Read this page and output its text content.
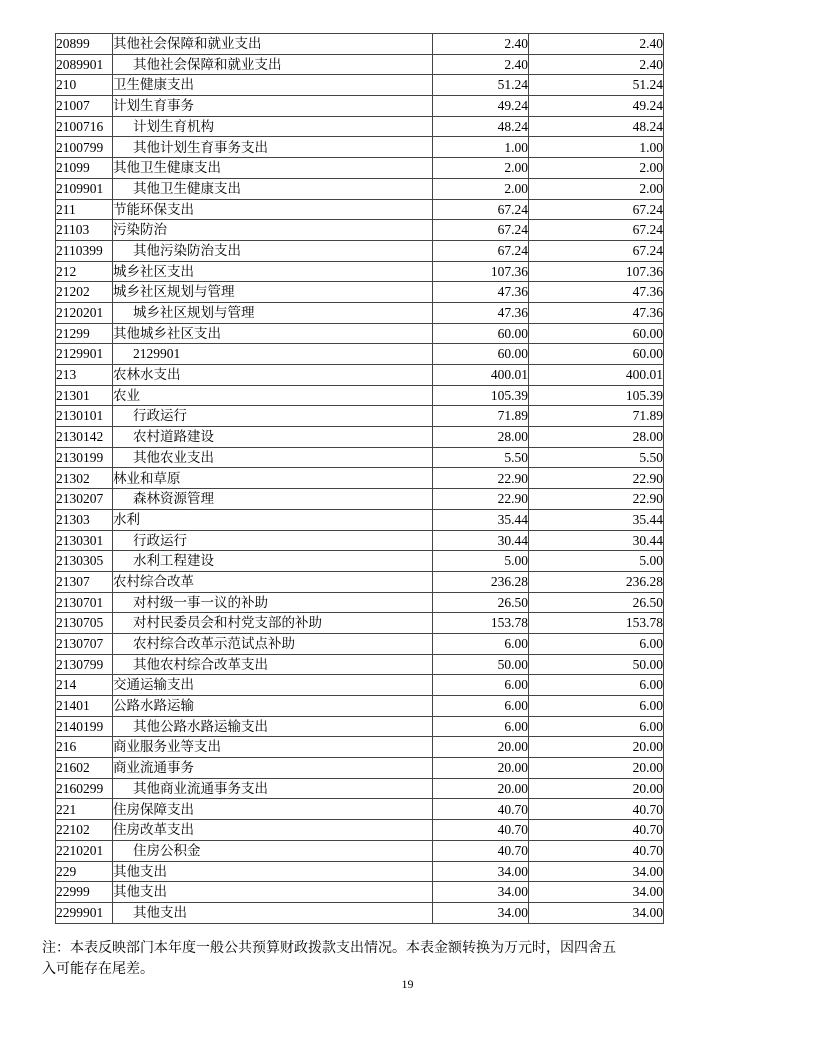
20899	其他社会保障和就业支出	2.40	2.40
2089901	其他社会保障和就业支出	2.40	2.40
210	卫生健康支出	51.24	51.24
21007	计划生育事务	49.24	49.24
2100716	计划生育机构	48.24	48.24
2100799	其他计划生育事务支出	1.00	1.00
21099	其他卫生健康支出	2.00	2.00
2109901	其他卫生健康支出	2.00	2.00
211	节能环保支出	67.24	67.24
21103	污染防治	67.24	67.24
2110399	其他污染防治支出	67.24	67.24
212	城乡社区支出	107.36	107.36
21202	城乡社区规划与管理	47.36	47.36
2120201	城乡社区规划与管理	47.36	47.36
21299	其他城乡社区支出	60.00	60.00
2129901	2129901	60.00	60.00
213	农林水支出	400.01	400.01
21301	农业	105.39	105.39
2130101	行政运行	71.89	71.89
2130142	农村道路建设	28.00	28.00
2130199	其他农业支出	5.50	5.50
21302	林业和草原	22.90	22.90
2130207	森林资源管理	22.90	22.90
21303	水利	35.44	35.44
2130301	行政运行	30.44	30.44
2130305	水利工程建设	5.00	5.00
21307	农村综合改革	236.28	236.28
2130701	对村级一事一议的补助	26.50	26.50
2130705	对村民委员会和村党支部的补助	153.78	153.78
2130707	农村综合改革示范试点补助	6.00	6.00
2130799	其他农村综合改革支出	50.00	50.00
214	交通运输支出	6.00	6.00
21401	公路水路运输	6.00	6.00
2140199	其他公路水路运输支出	6.00	6.00
216	商业服务业等支出	20.00	20.00
21602	商业流通事务	20.00	20.00
2160299	其他商业流通事务支出	20.00	20.00
221	住房保障支出	40.70	40.70
22102	住房改革支出	40.70	40.70
2210201	住房公积金	40.70	40.70
229	其他支出	34.00	34.00
22999	其他支出	34.00	34.00
2299901	其他支出	34.00	34.00
注：本表反映部门本年度一般公共预算财政拨款支出情况。本表金额转换为万元时，因四舍五
入可能存在尾差。
19
